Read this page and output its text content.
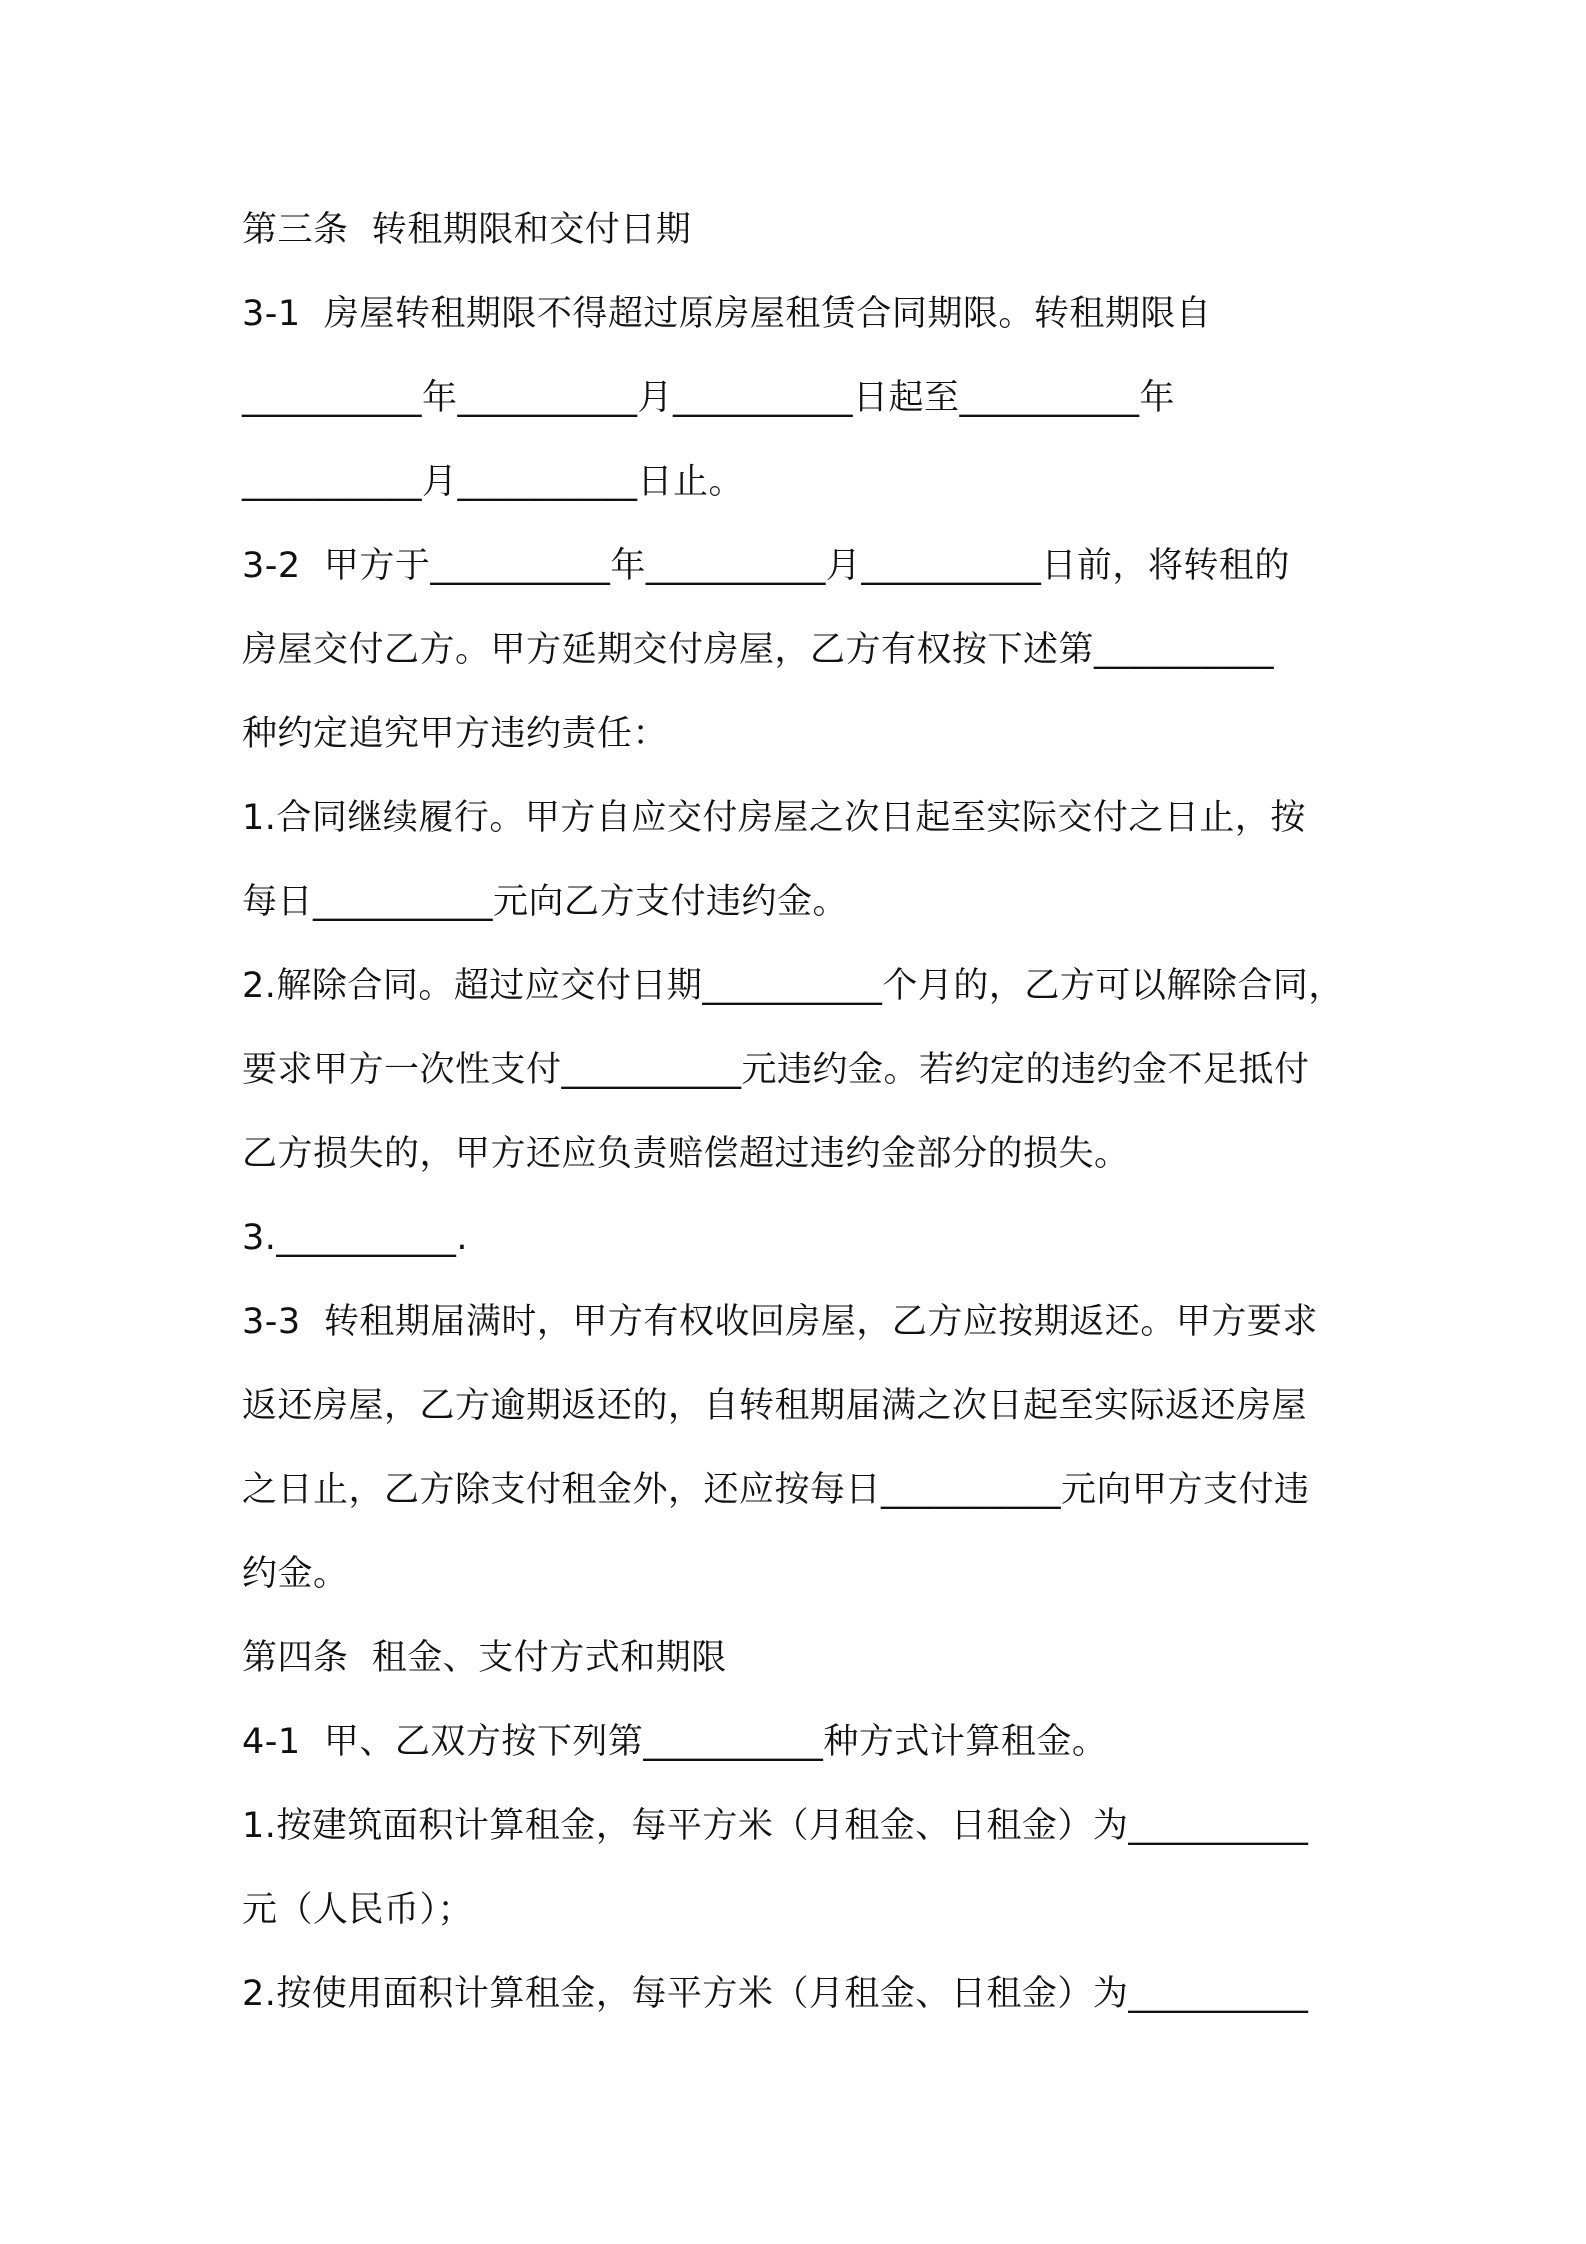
第三条  转租期限和交付日期
3-1  房屋转租期限不得超过原房屋租赁合同期限。转租期限自
__________年__________月__________日起至__________年
__________月__________日止。
3-2  甲方于__________年__________月__________日前，将转租的
房屋交付乙方。甲方延期交付房屋，乙方有权按下述第__________
种约定追究甲方违约责任：
1.合同继续履行。甲方自应交付房屋之次日起至实际交付之日止，按
每日__________元向乙方支付违约金。
2.解除合同。超过应交付日期__________个月的，乙方可以解除合同，
要求甲方一次性支付__________元违约金。若约定的违约金不足抵付
乙方损失的，甲方还应负责赔偿超过违约金部分的损失。
3.__________.
3-3  转租期届满时，甲方有权收回房屋，乙方应按期返还。甲方要求
返还房屋，乙方逾期返还的，自转租期届满之次日起至实际返还房屋
之日止，乙方除支付租金外，还应按每日__________元向甲方支付违
约金。
第四条  租金、支付方式和期限
4-1  甲、乙双方按下列第__________种方式计算租金。
1.按建筑面积计算租金，每平方米（月租金、日租金）为__________
元（人民币）；
2.按使用面积计算租金，每平方米（月租金、日租金）为__________
